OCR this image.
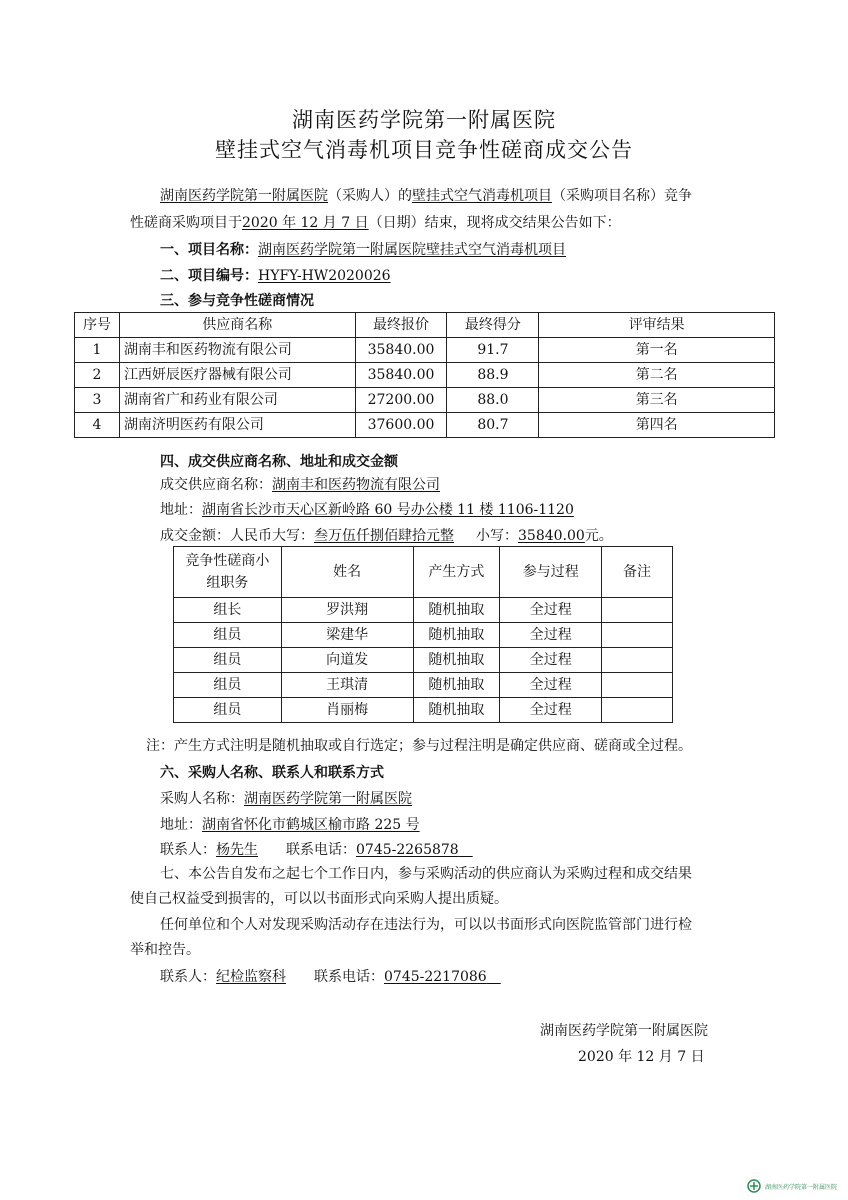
湖南医药学院第一附属医院
壁挂式空气消毒机项目竞争性磋商成交公告
湖南医药学院第一附属医院（采购人）的壁挂式空气消毒机项目（采购项目名称）竞争
性磋商采购项目于2020 年 12 月 7 日（日期）结束，现将成交结果公告如下：
一、项目名称：湖南医药学院第一附属医院壁挂式空气消毒机项目
二、项目编号：HYFY-HW2020026
三、参与竞争性磋商情况
序号	供应商名称	最终报价	最终得分	评审结果
1	湖南丰和医药物流有限公司	35840.00	91.7	第一名
2	江西妍辰医疗器械有限公司	35840.00	88.9	第二名
3	湖南省广和药业有限公司	27200.00	88.0	第三名
4	湖南济明医药有限公司	37600.00	80.7	第四名
四、成交供应商名称、地址和成交金额
成交供应商名称：湖南丰和医药物流有限公司
地址：湖南省长沙市天心区新岭路 60 号办公楼 11 楼 1106-1120
成交金额：人民币大写：叁万伍仟捌佰肆拾元整 小写：35840.00元。
竞争性磋商小组职务	姓名	产生方式	参与过程	备注
组长	罗洪翔	随机抽取	全过程	
组员	梁建华	随机抽取	全过程	
组员	向道发	随机抽取	全过程	
组员	王琪清	随机抽取	全过程	
组员	肖丽梅	随机抽取	全过程	
注：产生方式注明是随机抽取或自行选定；参与过程注明是确定供应商、磋商或全过程。
六、采购人名称、联系人和联系方式
采购人名称：湖南医药学院第一附属医院
地址：湖南省怀化市鹤城区榆市路 225 号
联系人：杨先生 联系电话：0745-2265878  
七、本公告自发布之起七个工作日内，参与采购活动的供应商认为采购过程和成交结果
使自己权益受到损害的，可以以书面形式向采购人提出质疑。
任何单位和个人对发现采购活动存在违法行为，可以以书面形式向医院监管部门进行检
举和控告。
联系人：纪检监察科 联系电话：0745-2217086  
湖南医药学院第一附属医院
2020 年 12 月 7 日
湖南医药学院第一附属医院
